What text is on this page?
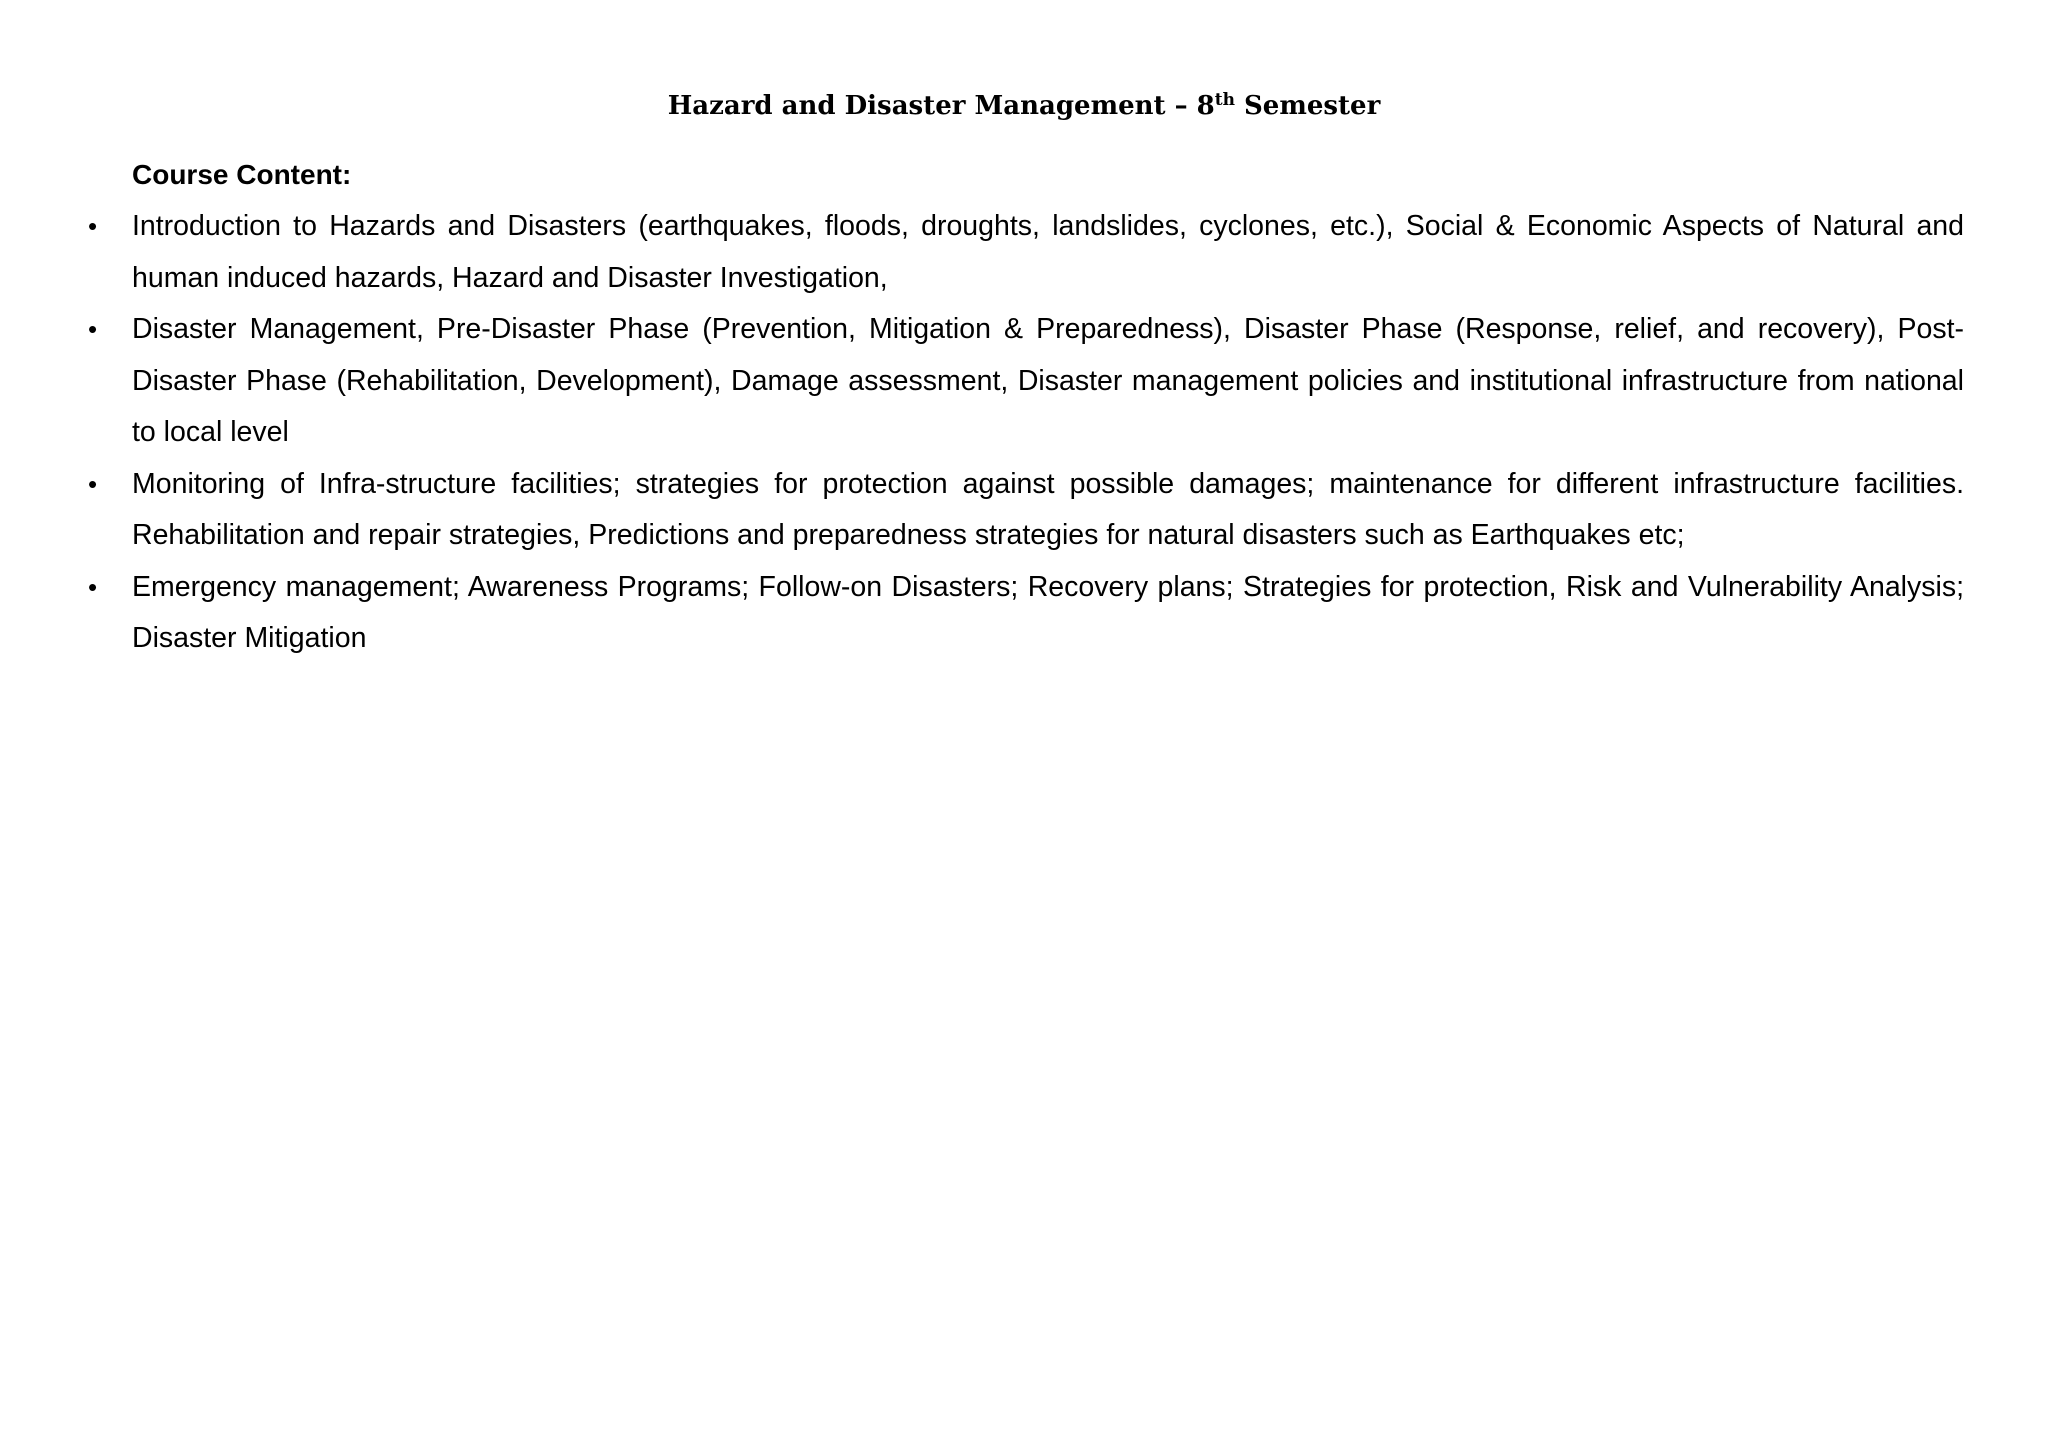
Hazard and Disaster Management – 8th Semester
Course Content:
• Introduction to Hazards and Disasters (earthquakes, floods, droughts, landslides, cyclones, etc.), Social & Economic Aspects of Natural and human induced hazards, Hazard and Disaster Investigation,
• Disaster Management, Pre-Disaster Phase (Prevention, Mitigation & Preparedness), Disaster Phase (Response, relief, and recovery), Post-Disaster Phase (Rehabilitation, Development), Damage assessment, Disaster management policies and institutional infrastructure from national to local level
• Monitoring of Infra-structure facilities; strategies for protection against possible damages; maintenance for different infrastructure facilities. Rehabilitation and repair strategies, Predictions and preparedness strategies for natural disasters such as Earthquakes etc;
• Emergency management; Awareness Programs; Follow-on Disasters; Recovery plans; Strategies for protection, Risk and Vulnerability Analysis; Disaster Mitigation
